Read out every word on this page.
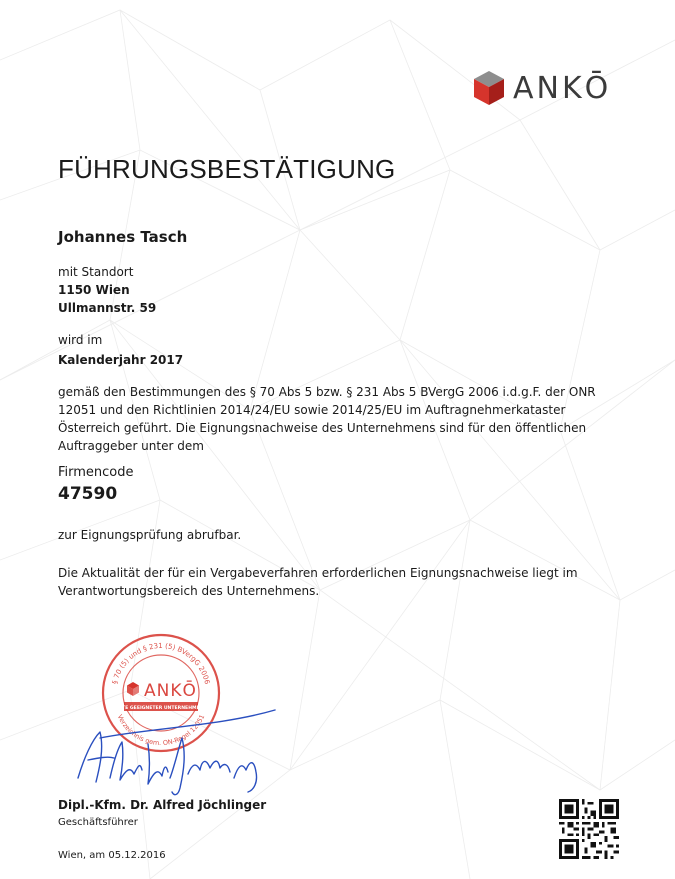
ANKŌ
FÜHRUNGSBESTÄTIGUNG
Johannes Tasch
mit Standort
1150 Wien
Ullmannstr. 59
wird im
Kalenderjahr 2017
gemäß den Bestimmungen des § 70 Abs 5 bzw. § 231 Abs 5 BVergG 2006 i.d.g.F. der ONR 12051 und den Richtlinien 2014/24/EU sowie 2014/25/EU im Auftragnehmerkataster Österreich geführt. Die Eignungsnachweise des Unternehmens sind für den öffentlichen Auftraggeber unter dem
Firmencode
47590
zur Eignungsprüfung abrufbar.
Die Aktualität der für ein Vergabeverfahren erforderlichen Eignungsnachweise liegt im Verantwortungsbereich des Unternehmens.
§ 70 (5) und § 231 (5) BVergG 2006
ANKŌ
LISTE GEEIGNETER UNTERNEHMER®
Verzeichnis gem. ON-Regel 12051
Dipl.-Kfm. Dr. Alfred Jöchlinger
Geschäftsführer
Wien, am 05.12.2016
